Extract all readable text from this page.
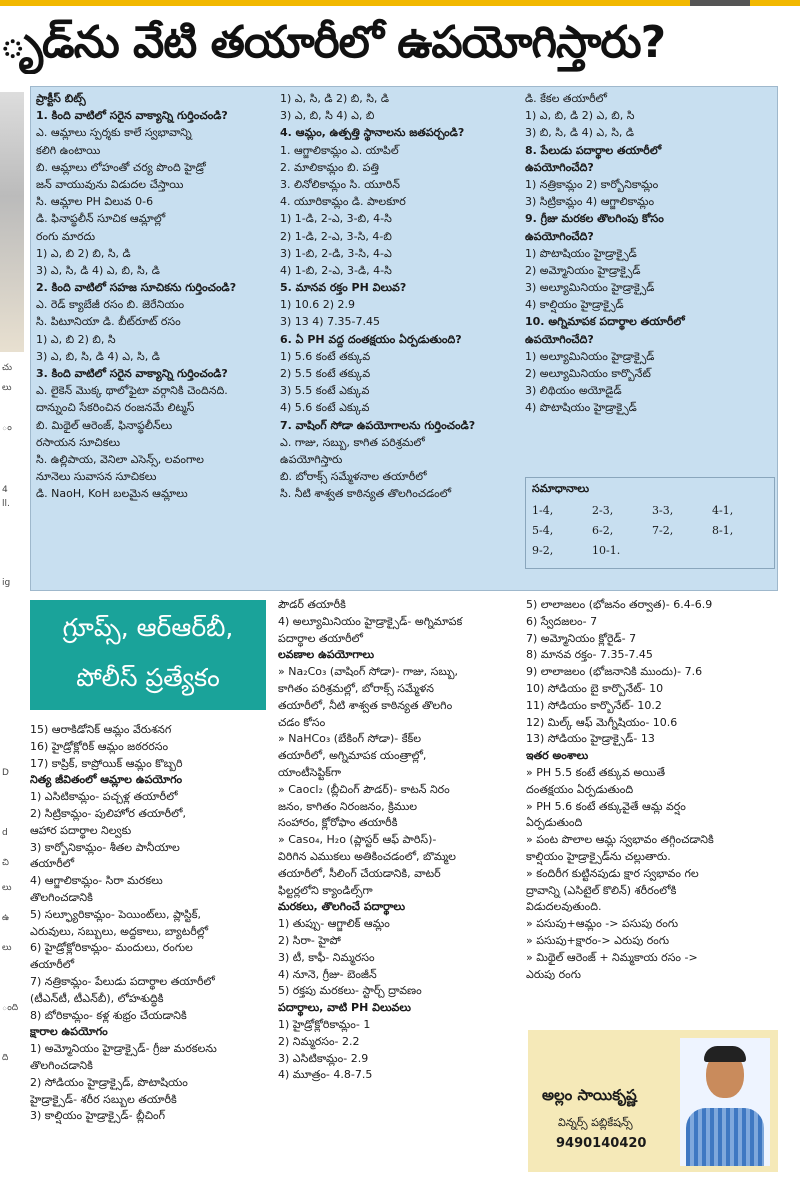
ృడ్‌ను వేటి తయారీలో ఉపయోగిస్తారు?
చు
లు
ం
4
ll.
ig
D
d
చి
లు
ఉ
లు
ంది
ది
ప్రాక్టీస్ బిట్స్
1. కింది వాటిలో సరైన వాక్యాన్ని గుర్తించండి?
ఎ. ఆమ్లాలు స్పర్శకు కాలే స్వభావాన్ని
కలిగి ఉంటాయి
బి. ఆమ్లాలు లోహంతో చర్య పొంది హైడ్రో
జన్ వాయువును విడుదల చేస్తాయి
సి. ఆమ్లాల PH విలువ 0-6
డి. ఫినాప్థలీన్ సూచిక ఆమ్లాల్లో
రంగు మారదు
1) ఎ, బి 2) బి, సి, డి
3) ఎ, సి, డి 4) ఎ, బి, సి, డి
2. కింది వాటిలో సహజ సూచికను గుర్తించండి?
ఎ. రెడ్ క్యాబేజీ రసం బి. జెరేనియం
సి. పిటూనియా డి. బీట్‌రూట్ రసం
1) ఎ, బి 2) బి, సి
3) ఎ, బి, సి, డి 4) ఎ, సి, డి
3. కింది వాటిలో సరైన వాక్యాన్ని గుర్తించండి?
ఎ. లైకెన్ మొక్క థాలోఫైటా వర్గానికి చెందినది.
దాన్నుంచి సేకరించిన రంజనమే లిట్మస్
బి. మిథైల్ ఆరెంజ్, ఫినాప్థలీన్‌లు
రసాయన సూచికలు
సి. ఉల్లిపాయ, వెనిలా ఎసెన్స్, లవంగాల
నూనెలు సువాసన సూచికలు
డి. NaoH, KoH బలమైన ఆమ్లాలు
1) ఎ, సి, డి 2) బి, సి, డి
3) ఎ, బి, సి 4) ఎ, బి
4. ఆమ్లం, ఉత్పత్తి స్థానాలను జతపర్చండి?
1. ఆగ్జాలికామ్లం ఎ. యాపిల్
2. మాలికామ్లం బి. పత్తి
3. లినోలికామ్లం సి. యూరిన్
4. యూరికామ్లం డి. పాలకూర
1) 1-డి, 2-ఎ, 3-బి, 4-సి
2) 1-డి, 2-ఎ, 3-సి, 4-బి
3) 1-బి, 2-డి, 3-సి, 4-ఎ
4) 1-బి, 2-ఎ, 3-డి, 4-సి
5. మానవ రక్తం PH విలువ?
1) 10.6 2) 2.9
3) 13 4) 7.35-7.45
6. ఏ PH వద్ద దంతక్షయం ఏర్పడుతుంది?
1) 5.6 కంటే తక్కువ
2) 5.5 కంటే తక్కువ
3) 5.5 కంటే ఎక్కువ
4) 5.6 కంటే ఎక్కువ
7. వాషింగ్ సోడా ఉపయోగాలను గుర్తించండి?
ఎ. గాజు, సబ్బు, కాగిత పరిశ్రమలో
ఉపయోగిస్తారు
బి. బోరాక్స్ సమ్మేళనాల తయారీలో
సి. నీటి శాశ్వత కాఠిన్యత తొలగించడంలో
డి. కేకల తయారీలో
1) ఎ, బి, డి 2) ఎ, బి, సి
3) బి, సి, డి 4) ఎ, సి, డి
8. పేలుడు పదార్థాల తయారీలో
ఉపయోగించేది?
1) నత్రికామ్లం 2) కార్బోనికామ్లం
3) సిట్రికామ్లం 4) ఆగ్జాలికామ్లం
9. గ్రీజు మరకల తొలగింపు కోసం
ఉపయోగించేది?
1) పొటాషియం హైడ్రాక్సైడ్
2) అమ్మోనియం హైడ్రాక్సైడ్
3) అల్యూమినియం హైడ్రాక్సైడ్
4) కాల్షియం హైడ్రాక్సైడ్
10. అగ్నిమాపక పదార్థాల తయారీలో
ఉపయోగించేది?
1) అల్యూమినియం హైడ్రాక్సైడ్
2) అల్యూమినియం కార్బొనేట్
3) లిథియం అయోడైడ్
4) పొటాషియం హైడ్రాక్సైడ్
సమాధానాలు
1-4,	2-3,	3-3,	4-1,
5-4,	6-2,	7-2,	8-1,
9-2,	10-1.
గ్రూప్స్, ఆర్ఆర్‌బీ,
పోలీస్ ప్రత్యేకం
15) ఆరాకిడోనిక్ ఆమ్లం వేరుశనగ
16) హైడ్రోక్లోరిక్ ఆమ్లం జఠరరసం
17) కాప్రిక్, కాప్రోయిక్ ఆమ్లం కొబ్బరి
నిత్య జీవితంలో ఆమ్లాల ఉపయోగం
1) ఎసిటికామ్లం- పచ్చళ్ల తయారీలో
2) సిట్రికామ్లం- పులిహోర తయారీలో,
ఆహార పదార్థాల నిల్వకు
3) కార్బోనికామ్లం- శీతల పానీయాల
తయారీలో
4) ఆగ్జాలికామ్లం- సిరా మరకలు
తొలగించడానికి
5) సల్ఫ్యూరికామ్లం- పెయింట్‌లు, ప్లాస్టిక్,
ఎరువులు, సబ్బులు, అద్దకాలు, బ్యాటరీల్లో
6) హైడ్రోక్లోరికామ్లం- మందులు, రంగుల
తయారీలో
7) నత్రికామ్లం- పేలుడు పదార్థాల తయారీలో
(టీఎన్‌టీ, టీఎన్‌బీ), లోహశుద్ధికి
8) బోరికామ్లం- కళ్ల శుభ్రం చేయడానికి
క్షారాల ఉపయోగం
1) అమ్మోనియం హైడ్రాక్సైడ్- గ్రీజు మరకలను
తొలగించడానికి
2) సోడియం హైడ్రాక్సైడ్, పొటాషియం
హైడ్రాక్సైడ్- శరీర సబ్బుల తయారీకి
3) కాల్షియం హైడ్రాక్సైడ్- బ్లీచింగ్
పౌడర్ తయారీకి
4) అల్యూమినియం హైడ్రాక్సైడ్- అగ్నిమాపక
పదార్థాల తయారీలో
లవణాల ఉపయోగాలు
» Na₂Co₃ (వాషింగ్ సోడా)- గాజు, సబ్బు,
కాగితం పరిశ్రమల్లో, బోరాక్స్ సమ్మేళన
తయారీలో, నీటి శాశ్వత కాఠిన్యత తొలగిం
చడం కోసం
» NaHCo₃ (బేకింగ్ సోడా)- కేక్‌ల
తయారీలో, అగ్నిమాపక యంత్రాల్లో,
యాంటీసెప్టిక్‌గా
» Caocl₂ (బ్లీచింగ్ పౌడర్)- కాటన్ నిరం
జనం, కాగితం నిరంజనం, క్రిముల
సంహారం, క్లోరోఫాం తయారీకి
» Caso₄, H₂o (ప్లాస్టర్ ఆఫ్ పారిస్)-
విరిగిన ఎముకలు అతికించడంలో, బొమ్మల
తయారీలో, సీలింగ్ చేయడానికి, వాటర్
ఫిల్టర్లలోని క్యాండిల్స్‌గా
మరకలు, తొలగించే పదార్థాలు
1) తుప్పు- ఆగ్జాలిక్ ఆమ్లం
2) సిరా- హైపో
3) టీ, కాఫీ- నిమ్మరసం
4) నూనె, గ్రీజు- బెంజీన్
5) రక్తపు మరకలు- స్టార్చ్ ద్రావణం
పదార్థాలు, వాటి PH విలువలు
1) హైడ్రోక్లోరికామ్లం- 1
2) నిమ్మరసం- 2.2
3) ఎసిటికామ్లం- 2.9
4) మూత్రం- 4.8-7.5
5) లాలాజలం (భోజనం తర్వాత)- 6.4-6.9
6) స్వేదజలం- 7
7) అమ్మోనియం క్లోరైడ్- 7
8) మానవ రక్తం- 7.35-7.45
9) లాలాజలం (భోజనానికి ముందు)- 7.6
10) సోడియం బై కార్బొనేట్- 10
11) సోడియం కార్బొనేట్- 10.2
12) మిల్క్ ఆఫ్ మెగ్నీషియం- 10.6
13) సోడియం హైడ్రాక్సైడ్- 13
ఇతర అంశాలు
» PH 5.5 కంటే తక్కువ అయితే
దంతక్షయం ఏర్పడుతుంది
» PH 5.6 కంటే తక్కువైతే ఆమ్ల వర్షం
ఏర్పడుతుంది
» పంట పొలాల ఆమ్ల స్వభావం తగ్గించడానికి
కాల్షియం హైడ్రాక్సైడ్‌ను చల్లుతారు.
» కందిరీగ కుట్టినపుడు క్షార స్వభావం గల
ద్రావాన్ని (ఎసిటైల్ కొలిన్) శరీరంలోకి
విడుదలవుతుంది.
» పసుపు+ఆమ్లం -> పసుపు రంగు
» పసుపు+క్షారం-> ఎరుపు రంగు
» మిథైల్ ఆరెంజ్ + నిమ్మకాయ రసం ->
ఎరుపు రంగు
అల్లం సాయికృష్ణ
విన్నర్స్ పబ్లికేషన్స్
9490140420
